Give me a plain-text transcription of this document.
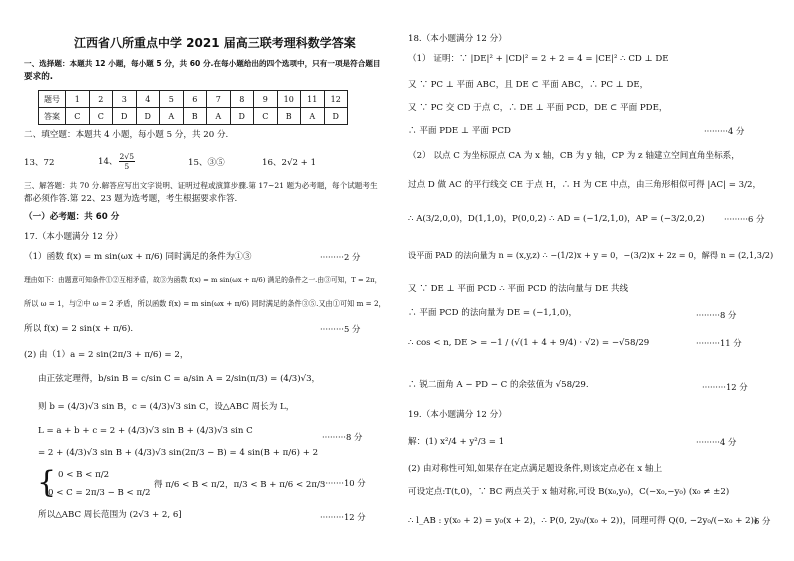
江西省八所重点中学 2021 届高三联考理科数学答案
一、选择题：本题共 12 小题，每小题 5 分，共 60 分.在每小题给出的四个选项中，只有一项是符合题目
要求的.
题号	1	2	3	4	5	6	7	8	9	10	11	12
答案	C	C	D	D	A	B	A	D	C	B	A	D
二、填空题：本题共 4 小题，每小题 5 分，共 20 分.
13、72	14、 $\frac{2√5}{5}$	15、③⑤	16、2√2 + 1
三、解答题：共 70 分.解答应写出文字说明、证明过程或演算步骤.第 17~21 题为必考题，每个试题考生
都必须作答.第 22、23 题为选考题，考生根据要求作答.
（一）必考题：共 60 分
17.（本小题满分 12 分）
（1）函数 f(x) = m sin(ωx + π/6) 同时满足的条件为①③	·········2 分
理由如下：由题意可知条件①②互相矛盾，故③为函数 f(x) = m sin(ωx + π/6) 满足的条件之一.由③可知，T = 2π，
所以 ω = 1，与②中 ω = 2 矛盾，所以函数 f(x) = m sin(ωx + π/6) 同时满足的条件③⑤.又由①可知 m = 2，
所以 f(x) = 2 sin(x + π/6).	·········5 分
(2) 由（1）a = 2 sin(2π/3 + π/6) = 2，
由正弦定理得，b/sin B = c/sin C = a/sin A = 2/sin(π/3) = (4/3)√3，
则 b = (4/3)√3 sin B，c = (4/3)√3 sin C，设△ABC 周长为 L，
L = a + b + c = 2 + (4/3)√3 sin B + (4/3)√3 sin C
·········8 分
= 2 + (4/3)√3 sin B + (4/3)√3 sin(2π/3 − B) = 4 sin(B + π/6) + 2
{ 0 < B < π/2
0 < C = 2π/3 − B < π/2
得 π/6 < B < π/2，π/3 < B + π/6 < 2π/3
·········10 分
所以△ABC 周长范围为 (2√3 + 2, 6]	·········12 分
18.（本小题满分 12 分）
（1） 证明：∵ |DE|² + |CD|² = 2 + 2 = 4 = |CE|² ∴ CD ⊥ DE
又 ∵ PC ⊥ 平面 ABC，且 DE ⊂ 平面 ABC，∴ PC ⊥ DE，
又 ∵ PC 交 CD 于点 C，∴ DE ⊥ 平面 PCD，DE ⊂ 平面 PDE，
∴ 平面 PDE ⊥ 平面 PCD	·········4 分
（2） 以点 C 为坐标原点 CA 为 x 轴，CB 为 y 轴，CP 为 z 轴建立空间直角坐标系，
过点 D 做 AC 的平行线交 CE 于点 H，∴ H 为 CE 中点，由三角形相似可得 |AC| = 3/2，
∴ A(3/2,0,0)，D(1,1,0)，P(0,0,2) ∴ AD = (−1/2,1,0)，AP = (−3/2,0,2) ·········6 分
设平面 PAD 的法向量为 n = (x,y,z) ∴ −(1/2)x + y = 0，−(3/2)x + 2z = 0，解得 n = (2,1,3/2)
又 ∵ DE ⊥ 平面 PCD ∴ 平面 PCD 的法向量与 DE 共线
∴ 平面 PCD 的法向量为 DE = (−1,1,0)，	·········8 分
∴ cos < n, DE > = −1 / (√(1 + 4 + 9/4) · √2) = −√58/29	·········11 分
∴ 锐二面角 A − PD − C 的余弦值为 √58/29.	·········12 分
19.（本小题满分 12 分）
解：(1) x²/4 + y²/3 = 1	·········4 分
(2) 由对称性可知,如果存在定点满足题设条件,则该定点必在 x 轴上
可设定点:T(t,0)，∵ BC 两点关于 x 轴对称,可设 B(x₀,y₀)，C(−x₀,−y₀) (x₀ ≠ ±2)
∴ l_AB : y(x₀ + 2) = y₀(x + 2)，∴ P(0, 2y₀/(x₀ + 2))，同理可得 Q(0, −2y₀/(−x₀ + 2))
6 分
